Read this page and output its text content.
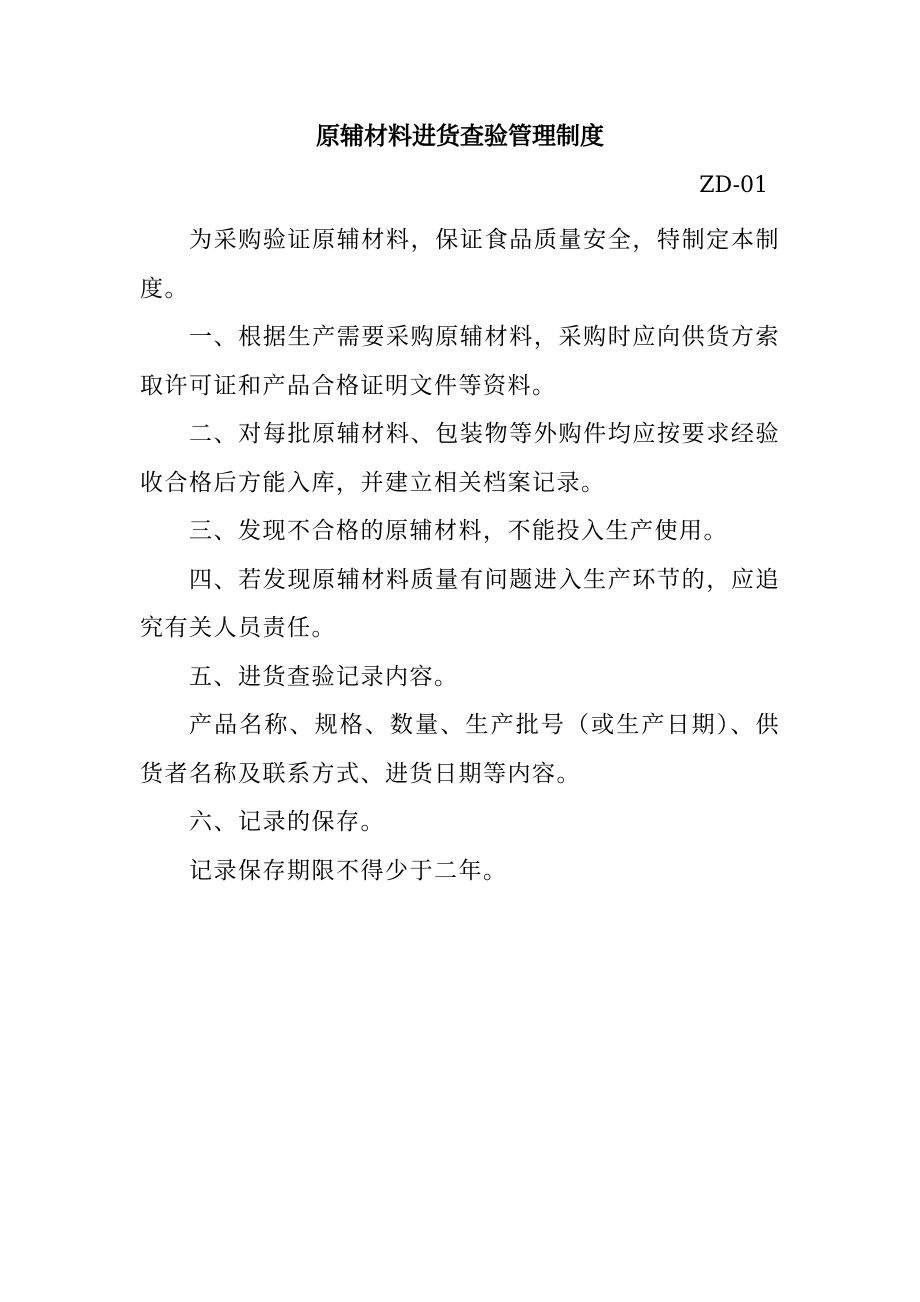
原辅材料进货查验管理制度
ZD-01

为采购验证原辅材料，保证食品质量安全，特制定本制度。

一、根据生产需要采购原辅材料，采购时应向供货方索取许可证和产品合格证明文件等资料。

二、对每批原辅材料、包装物等外购件均应按要求经验收合格后方能入库，并建立相关档案记录。

三、发现不合格的原辅材料，不能投入生产使用。

四、若发现原辅材料质量有问题进入生产环节的，应追究有关人员责任。

五、进货查验记录内容。

产品名称、规格、数量、生产批号（或生产日期）、供货者名称及联系方式、进货日期等内容。

六、记录的保存。

记录保存期限不得少于二年。
